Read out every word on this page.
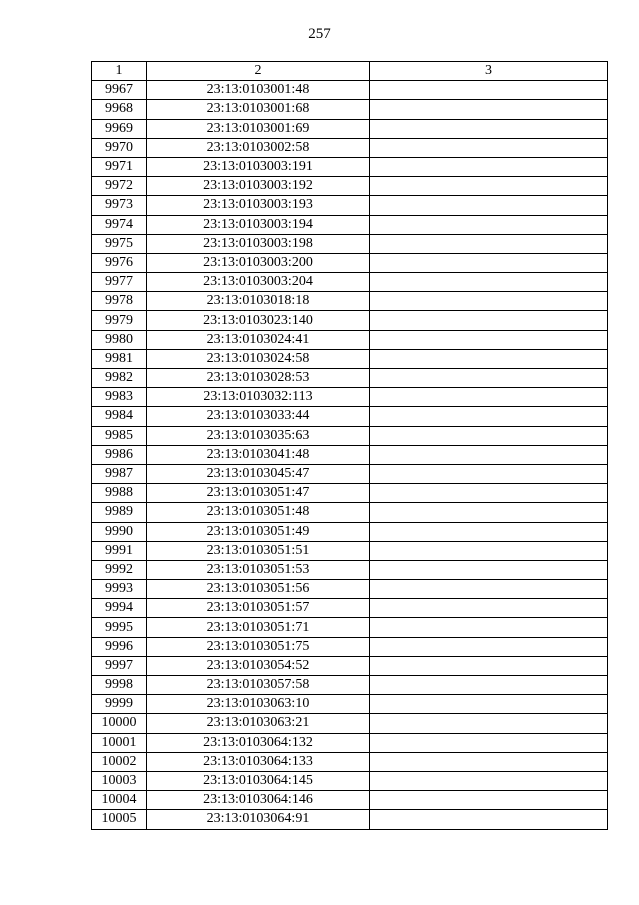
257
1	2	3
9967	23:13:0103001:48	
9968	23:13:0103001:68	
9969	23:13:0103001:69	
9970	23:13:0103002:58	
9971	23:13:0103003:191	
9972	23:13:0103003:192	
9973	23:13:0103003:193	
9974	23:13:0103003:194	
9975	23:13:0103003:198	
9976	23:13:0103003:200	
9977	23:13:0103003:204	
9978	23:13:0103018:18	
9979	23:13:0103023:140	
9980	23:13:0103024:41	
9981	23:13:0103024:58	
9982	23:13:0103028:53	
9983	23:13:0103032:113	
9984	23:13:0103033:44	
9985	23:13:0103035:63	
9986	23:13:0103041:48	
9987	23:13:0103045:47	
9988	23:13:0103051:47	
9989	23:13:0103051:48	
9990	23:13:0103051:49	
9991	23:13:0103051:51	
9992	23:13:0103051:53	
9993	23:13:0103051:56	
9994	23:13:0103051:57	
9995	23:13:0103051:71	
9996	23:13:0103051:75	
9997	23:13:0103054:52	
9998	23:13:0103057:58	
9999	23:13:0103063:10	
10000	23:13:0103063:21	
10001	23:13:0103064:132	
10002	23:13:0103064:133	
10003	23:13:0103064:145	
10004	23:13:0103064:146	
10005	23:13:0103064:91	
